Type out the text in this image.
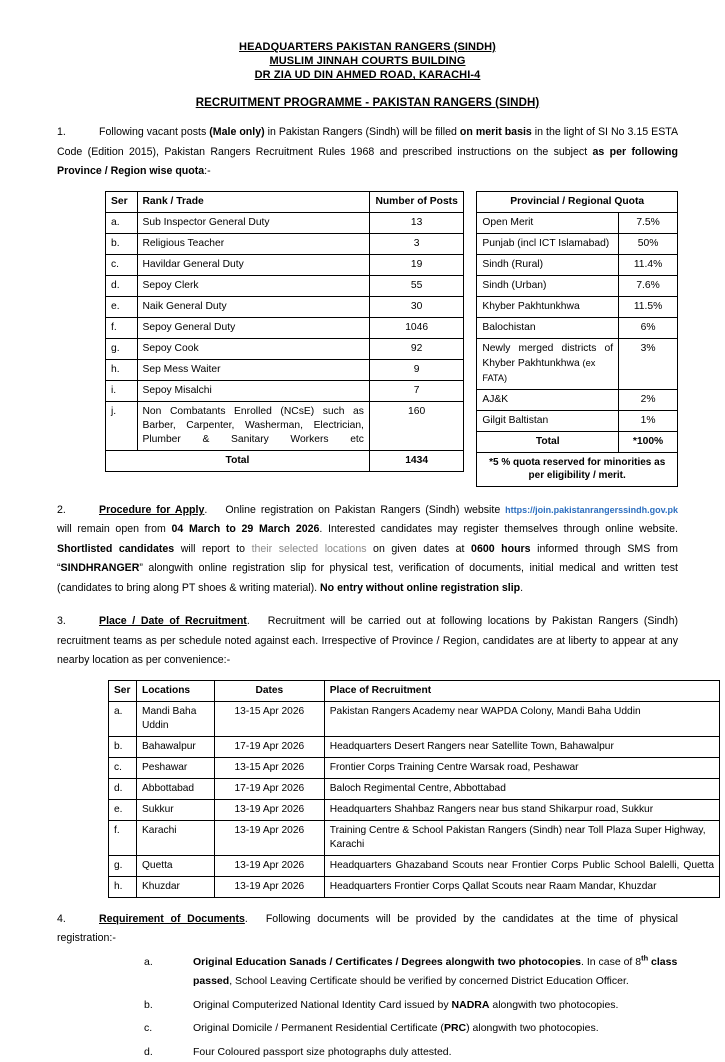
HEADQUARTERS PAKISTAN RANGERS (SINDH)
MUSLIM JINNAH COURTS BUILDING
DR ZIA UD DIN AHMED ROAD, KARACHI-4
RECRUITMENT PROGRAMME - PAKISTAN RANGERS (SINDH)
1.	Following vacant posts (Male only) in Pakistan Rangers (Sindh) will be filled on merit basis in the light of SI No 3.15 ESTA Code (Edition 2015), Pakistan Rangers Recruitment Rules 1968 and prescribed instructions on the subject as per following Province / Region wise quota:-
Ser	Rank / Trade	Number of Posts
a.	Sub Inspector General Duty	13
b.	Religious Teacher	3
c.	Havildar General Duty	19
d.	Sepoy Clerk	55
e.	Naik General Duty	30
f.	Sepoy General Duty	1046
g.	Sepoy Cook	92
h.	Sep Mess Waiter	9
i.	Sepoy Misalchi	7
j.	Non Combatants Enrolled (NCsE) such as Barber, Carpenter, Washerman, Electrician, Plumber & Sanitary Workers etc	160
Total		1434
Provincial / Regional Quota	
Open Merit	7.5%
Punjab (incl ICT Islamabad)	50%
Sindh (Rural)	11.4%
Sindh (Urban)	7.6%
Khyber Pakhtunkhwa	11.5%
Balochistan	6%

Newly merged districts of
Khyber Pakhtunkhwa (ex FATA)	3%
AJ&K	2%
Gilgit Baltistan	1%
Total	*100%
*5 % quota reserved for minorities as per eligibility / merit.	
2.	Procedure for Apply. Online registration on Pakistan Rangers (Sindh) website https://join.pakistanrangerssindh.gov.pk will remain open from 04 March to 29 March 2026. Interested candidates may register themselves through online website. Shortlisted candidates will report to their selected locations on given dates at 0600 hours informed through SMS from “SINDHRANGER” alongwith online registration slip for physical test, verification of documents, initial medical and written test (candidates to bring along PT shoes & writing material). No entry without online registration slip.
3.	Place / Date of Recruitment. Recruitment will be carried out at following locations by Pakistan Rangers (Sindh) recruitment teams as per schedule noted against each. Irrespective of Province / Region, candidates are at liberty to appear at any nearby location as per convenience:-
Ser	Locations	Dates	Place of Recruitment
a.	Mandi Baha Uddin	13-15 Apr 2026	Pakistan Rangers Academy near WAPDA Colony, Mandi Baha Uddin
b.	Bahawalpur	17-19 Apr 2026	Headquarters Desert Rangers near Satellite Town, Bahawalpur
c.	Peshawar	13-15 Apr 2026	Frontier Corps Training Centre Warsak road, Peshawar
d.	Abbottabad	17-19 Apr 2026	Baloch Regimental Centre, Abbottabad
e.	Sukkur	13-19 Apr 2026	Headquarters Shahbaz Rangers near bus stand Shikarpur road, Sukkur
f.	Karachi	13-19 Apr 2026	Training Centre & School Pakistan Rangers (Sindh) near Toll Plaza Super Highway, Karachi
g.	Quetta	13-19 Apr 2026	Headquarters Ghazaband Scouts near Frontier Corps Public School Balelli, Quetta
h.	Khuzdar	13-19 Apr 2026	Headquarters Frontier Corps Qallat Scouts near Raam Mandar, Khuzdar
4.	Requirement of Documents. Following documents will be provided by the candidates at the time of physical registration:-
a.	Original Education Sanads / Certificates / Degrees alongwith two photocopies. In case of 8th class passed, School Leaving Certificate should be verified by concerned District Education Officer.
b.	Original Computerized National Identity Card issued by NADRA alongwith two photocopies.
c.	Original Domicile / Permanent Residential Certificate (PRC) alongwith two photocopies.
d.	Four Coloured passport size photographs duly attested.
